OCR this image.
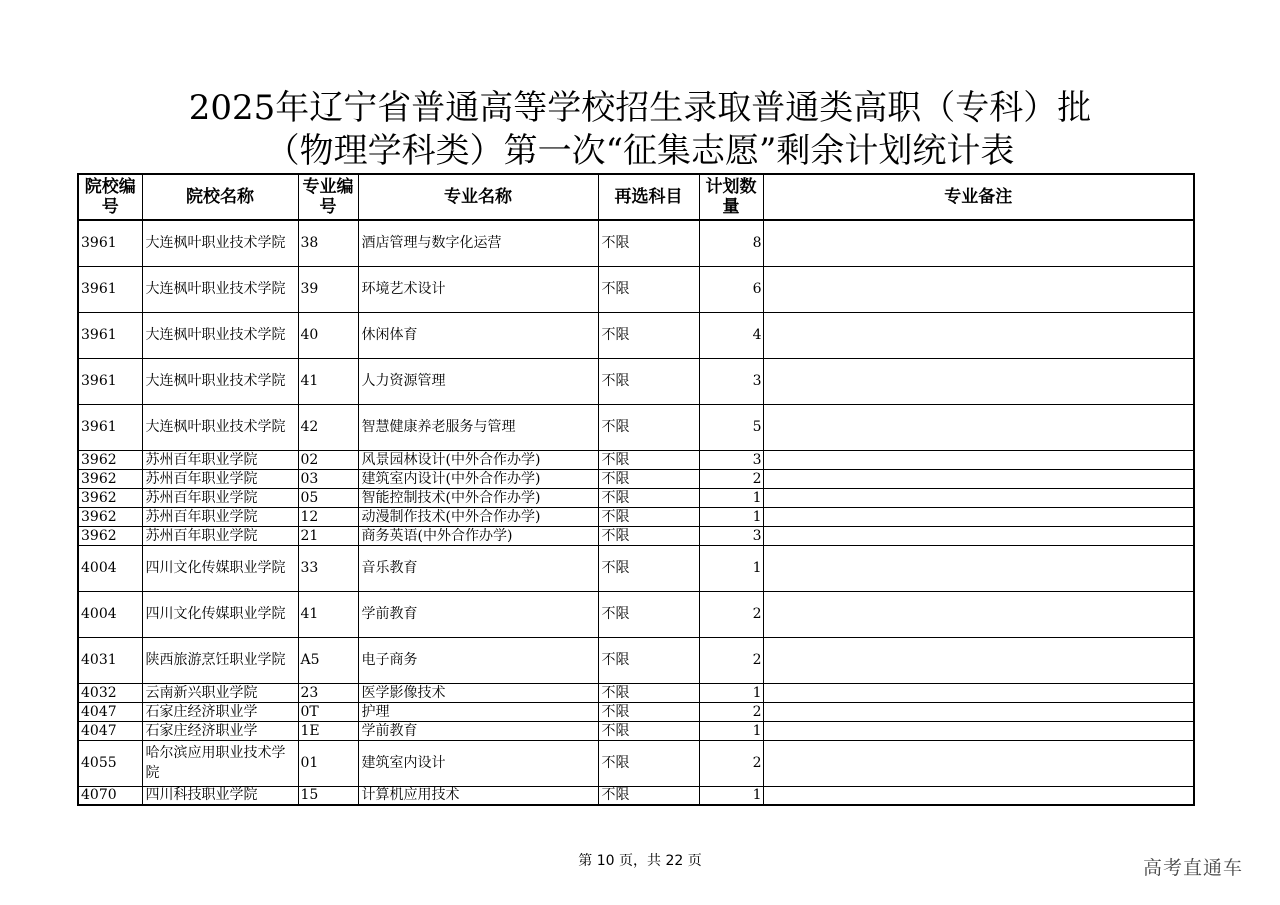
2025年辽宁省普通高等学校招生录取普通类高职（专科）批
（物理学科类）第一次“征集志愿”剩余计划统计表
院校编号	院校名称	专业编号	专业名称	再选科目	计划数量	专业备注
3961	大连枫叶职业技术学院	38	酒店管理与数字化运营	不限	8	
3961	大连枫叶职业技术学院	39	环境艺术设计	不限	6	
3961	大连枫叶职业技术学院	40	休闲体育	不限	4	
3961	大连枫叶职业技术学院	41	人力资源管理	不限	3	
3961	大连枫叶职业技术学院	42	智慧健康养老服务与管理	不限	5	
3962	苏州百年职业学院	02	风景园林设计(中外合作办学)	不限	3	
3962	苏州百年职业学院	03	建筑室内设计(中外合作办学)	不限	2	
3962	苏州百年职业学院	05	智能控制技术(中外合作办学)	不限	1	
3962	苏州百年职业学院	12	动漫制作技术(中外合作办学)	不限	1	
3962	苏州百年职业学院	21	商务英语(中外合作办学)	不限	3	
4004	四川文化传媒职业学院	33	音乐教育	不限	1	
4004	四川文化传媒职业学院	41	学前教育	不限	2	
4031	陕西旅游烹饪职业学院	A5	电子商务	不限	2	
4032	云南新兴职业学院	23	医学影像技术	不限	1	
4047	石家庄经济职业学	0T	护理	不限	2	
4047	石家庄经济职业学	1E	学前教育	不限	1	
4055	哈尔滨应用职业技术学院	01	建筑室内设计	不限	2	
4070	四川科技职业学院	15	计算机应用技术	不限	1	
第 10 页，共 22 页	高考直通车
